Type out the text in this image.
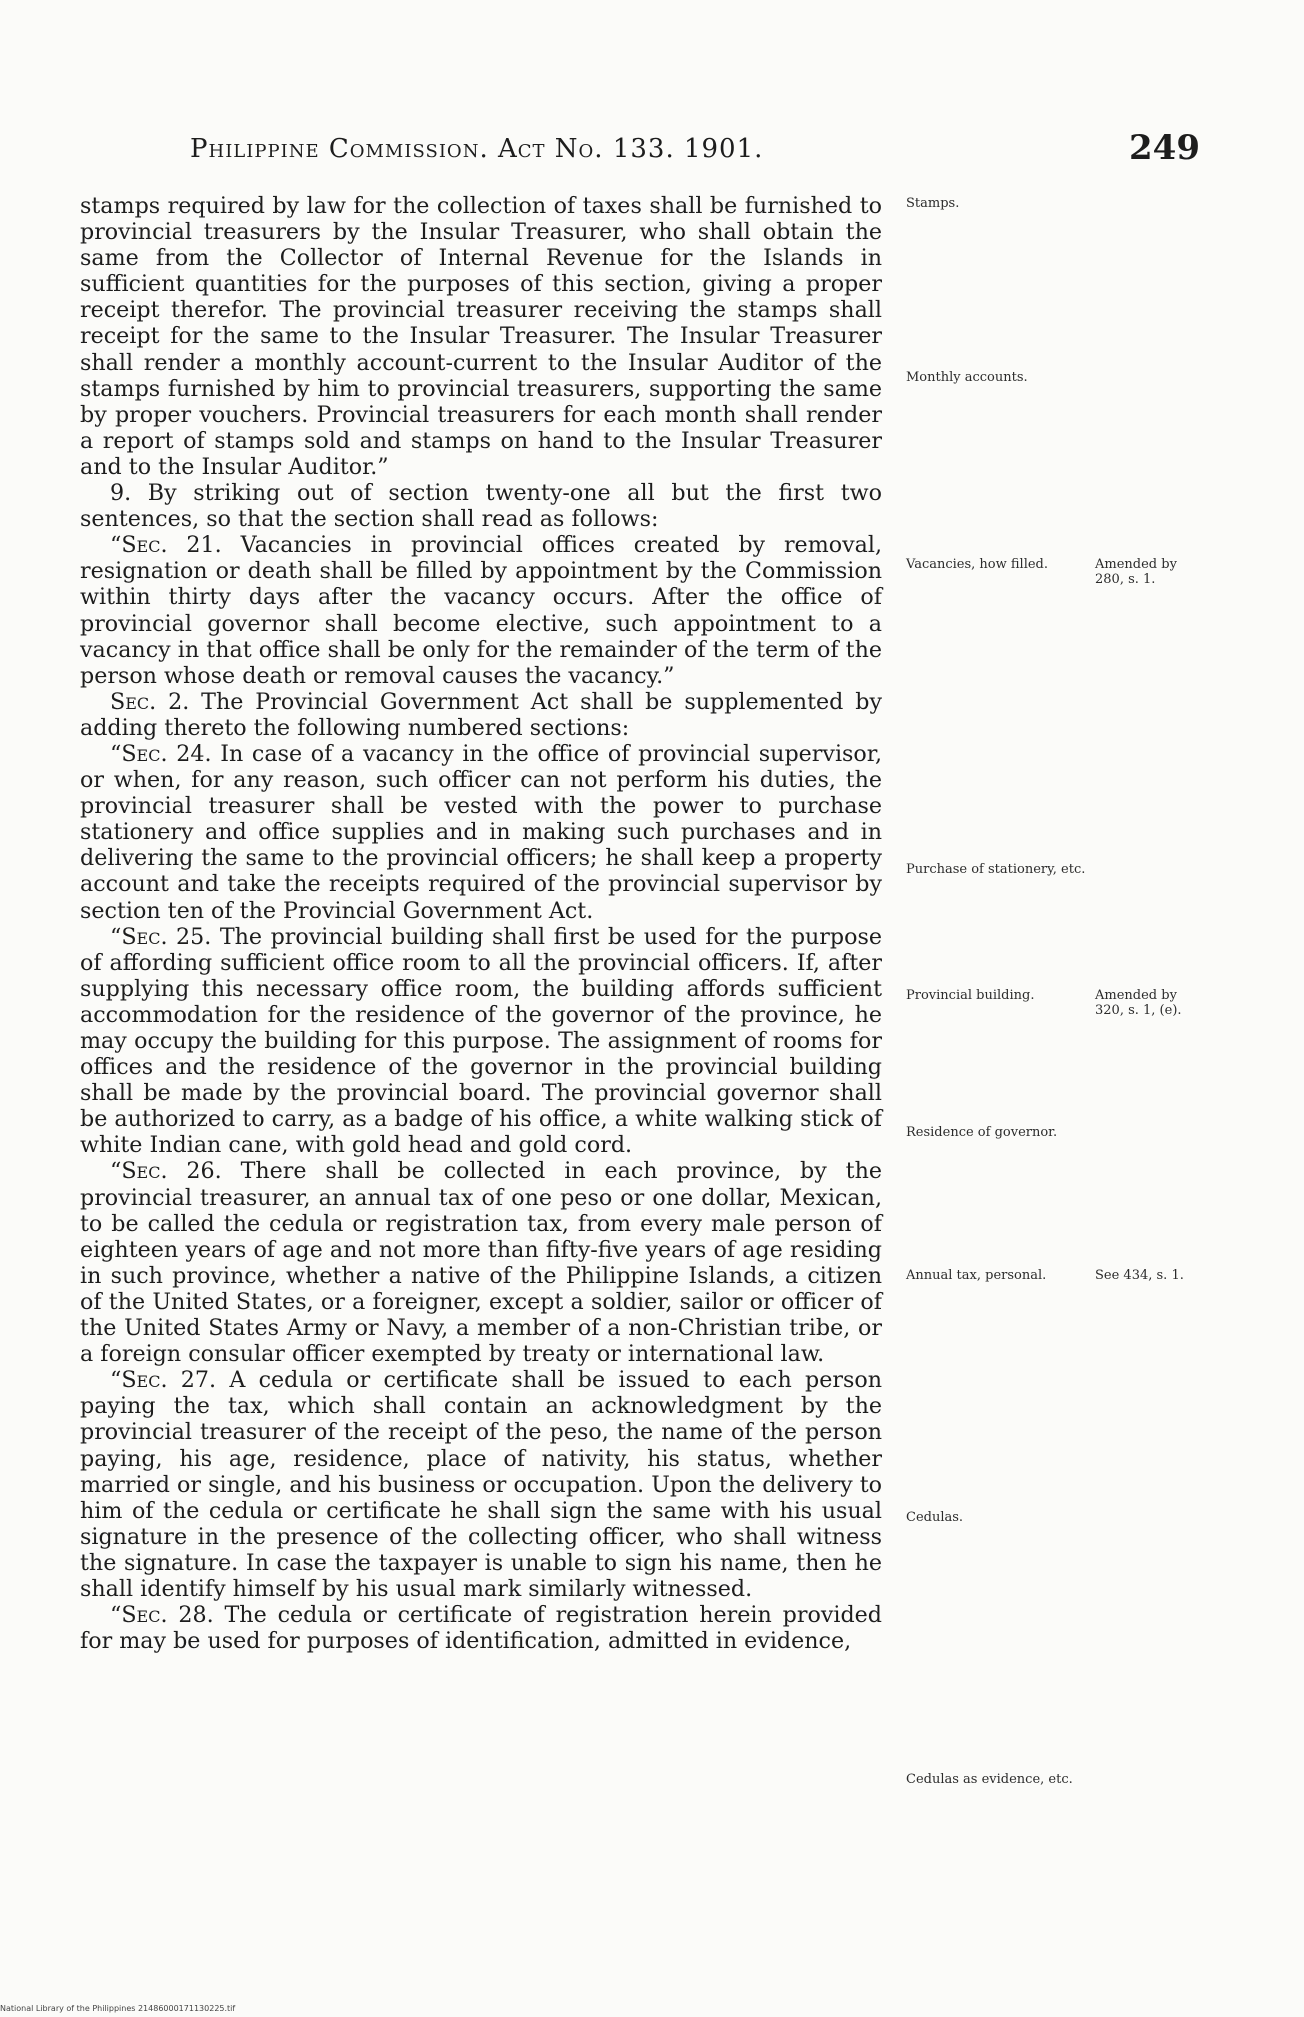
Philippine Commission. Act No. 133. 1901.	249

stamps required by law for the collection of taxes shall be furnished to provincial treasurers by the Insular Treasurer, who shall obtain the same from the Collector of Internal Revenue for the Islands in sufficient quantities for the purposes of this section, giving a proper receipt therefor. The provincial treasurer receiving the stamps shall receipt for the same to the Insular Treasurer. The Insular Treasurer shall render a monthly account-current to the Insular Auditor of the stamps furnished by him to provincial treasurers, supporting the same by proper vouchers. Provincial treasurers for each month shall render a report of stamps sold and stamps on hand to the Insular Treasurer and to the Insular Auditor.”

9. By striking out of section twenty-one all but the first two sentences, so that the section shall read as follows:

“Sec. 21. Vacancies in provincial offices created by removal, resignation or death shall be filled by appointment by the Commission within thirty days after the vacancy occurs. After the office of provincial governor shall become elective, such appointment to a vacancy in that office shall be only for the remainder of the term of the person whose death or removal causes the vacancy.”

Sec. 2. The Provincial Government Act shall be supplemented by adding thereto the following numbered sections:

“Sec. 24. In case of a vacancy in the office of provincial supervisor, or when, for any reason, such officer can not perform his duties, the provincial treasurer shall be vested with the power to purchase stationery and office supplies and in making such purchases and in delivering the same to the provincial officers; he shall keep a property account and take the receipts required of the provincial supervisor by section ten of the Provincial Government Act.

“Sec. 25. The provincial building shall first be used for the purpose of affording sufficient office room to all the provincial officers. If, after supplying this necessary office room, the building affords sufficient accommodation for the residence of the governor of the province, he may occupy the building for this purpose. The assignment of rooms for offices and the residence of the governor in the provincial building shall be made by the provincial board. The provincial governor shall be authorized to carry, as a badge of his office, a white walking stick of white Indian cane, with gold head and gold cord.

“Sec. 26. There shall be collected in each province, by the provincial treasurer, an annual tax of one peso or one dollar, Mexican, to be called the cedula or registration tax, from every male person of eighteen years of age and not more than fifty-five years of age residing in such province, whether a native of the Philippine Islands, a citizen of the United States, or a foreigner, except a soldier, sailor or officer of the United States Army or Navy, a member of a non-Christian tribe, or a foreign consular officer exempted by treaty or international law.

“Sec. 27. A cedula or certificate shall be issued to each person paying the tax, which shall contain an acknowledgment by the provincial treasurer of the receipt of the peso, the name of the person paying, his age, residence, place of nativity, his status, whether married or single, and his business or occupation. Upon the delivery to him of the cedula or certificate he shall sign the same with his usual signature in the presence of the collecting officer, who shall witness the signature. In case the taxpayer is unable to sign his name, then he shall identify himself by his usual mark similarly witnessed.

“Sec. 28. The cedula or certificate of registration herein provided for may be used for purposes of identification, admitted in evidence,

Stamps.
Monthly accounts.
Vacancies, how filled.
Purchase of stationery, etc.
Provincial building.
Residence of governor.
Annual tax, personal.
Cedulas.
Cedulas as evidence, etc.
Amended by 280, s. 1.
Amended by 320, s. 1, (e).
See 434, s. 1.
National Library of the Philippines 21486000171130225.tif
